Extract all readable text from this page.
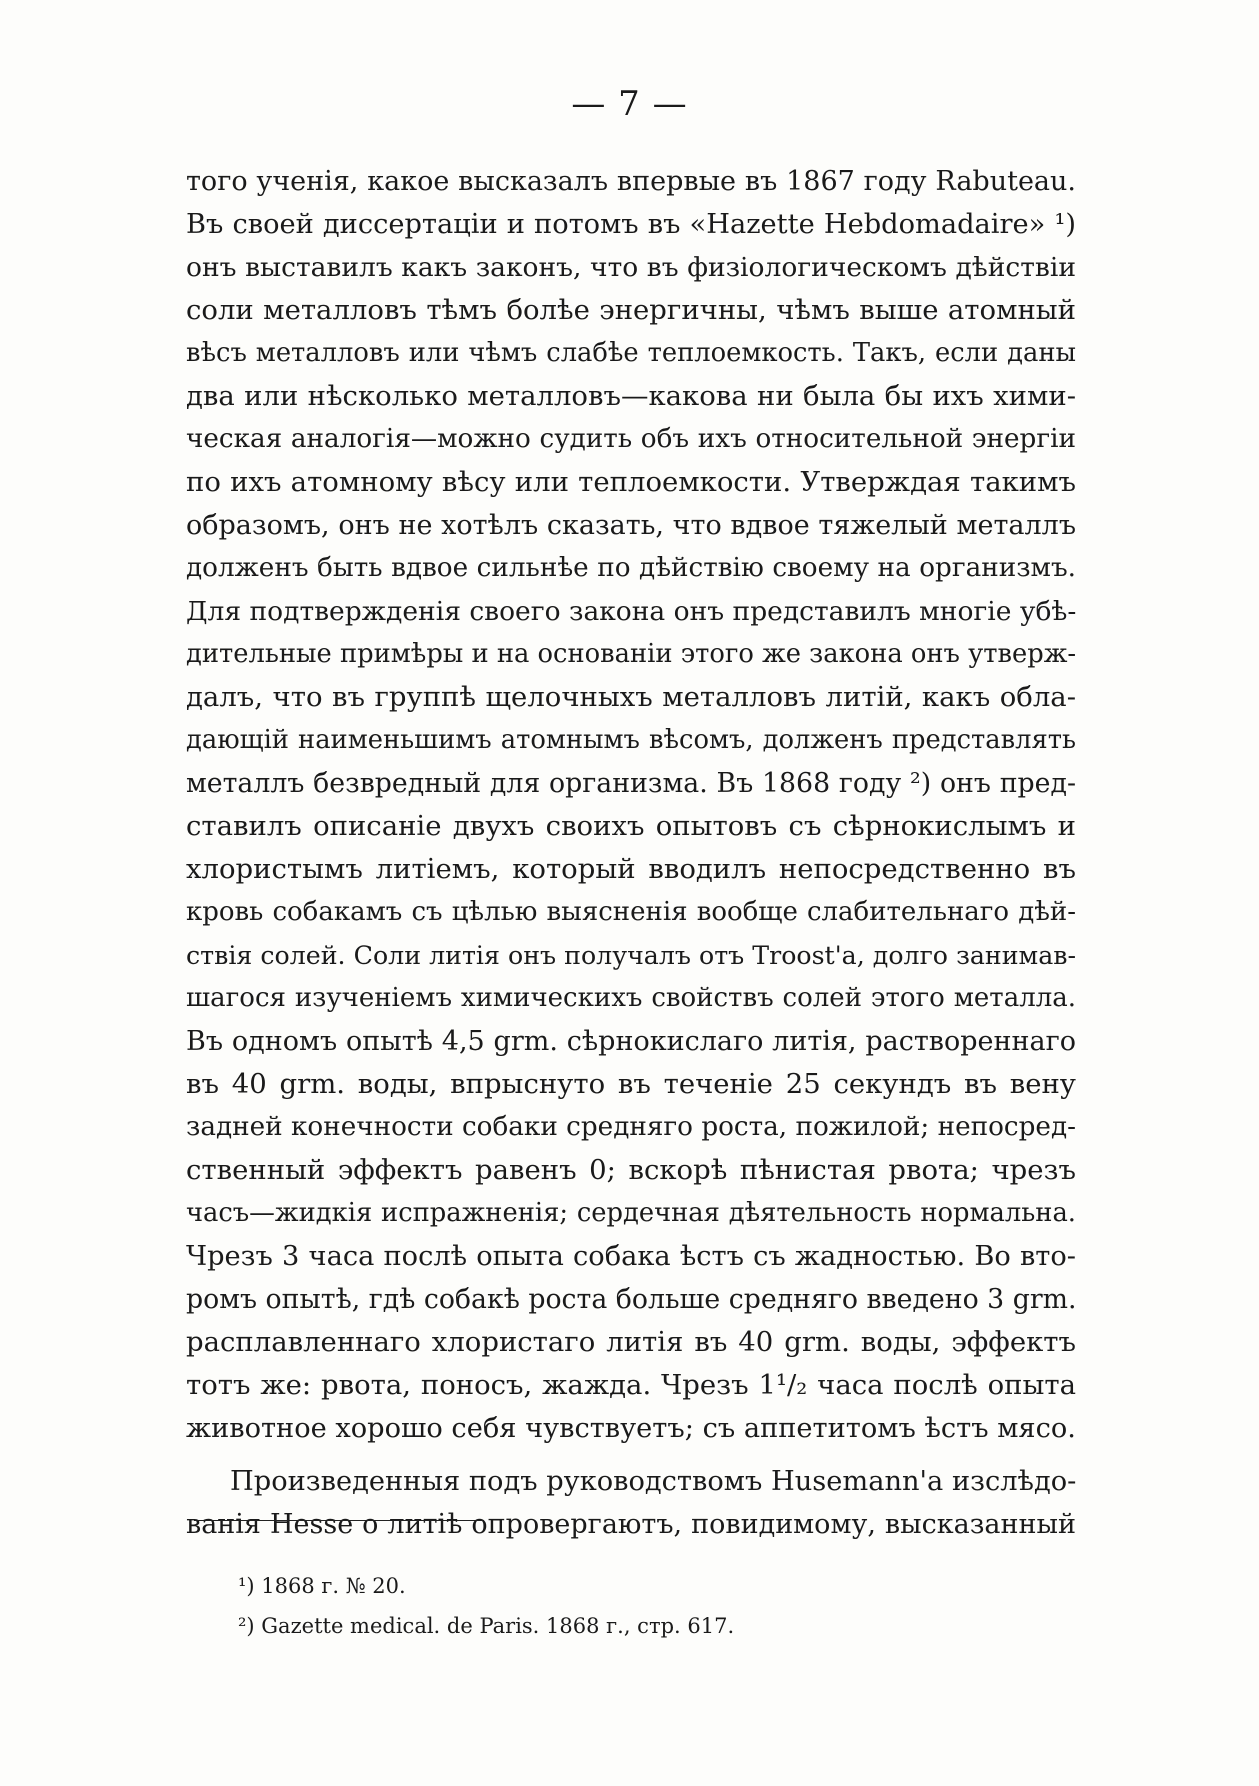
— 7 —
того ученія, какое высказалъ впервые въ 1867 году Rabuteau.
Въ своей диссертаціи и потомъ въ «Hazette Hebdomadaire» ¹)
онъ выставилъ какъ законъ, что въ физіологическомъ дѣйствіи
соли металловъ тѣмъ болѣе энергичны, чѣмъ выше атомный
вѣсъ металловъ или чѣмъ слабѣе теплоемкость. Такъ, если даны
два или нѣсколько металловъ—какова ни была бы ихъ хими-
ческая аналогія—можно судить объ ихъ относительной энергіи
по ихъ атомному вѣсу или теплоемкости. Утверждая такимъ
образомъ, онъ не хотѣлъ сказать, что вдвое тяжелый металлъ
долженъ быть вдвое сильнѣе по дѣйствію своему на организмъ.
Для подтвержденія своего закона онъ представилъ многіе убѣ-
дительные примѣры и на основаніи этого же закона онъ утверж-
далъ, что въ группѣ щелочныхъ металловъ литій, какъ обла-
дающій наименьшимъ атомнымъ вѣсомъ, долженъ представлять
металлъ безвредный для организма. Въ 1868 году ²) онъ пред-
ставилъ описаніе двухъ своихъ опытовъ съ сѣрнокислымъ и
хлористымъ литіемъ, который вводилъ непосредственно въ
кровь собакамъ съ цѣлью выясненія вообще слабительнаго дѣй-
ствія солей. Соли литія онъ получалъ отъ Troost'a, долго занимав-
шагося изученіемъ химическихъ свойствъ солей этого металла.
Въ одномъ опытѣ 4,5 grm. сѣрнокислаго литія, раствореннаго
въ 40 grm. воды, впрыснуто въ теченіе 25 секундъ въ вену
задней конечности собаки средняго роста, пожилой; непосред-
ственный эффектъ равенъ 0; вскорѣ пѣнистая рвота; чрезъ
часъ—жидкія испражненія; сердечная дѣятельность нормальна.
Чрезъ 3 часа послѣ опыта собака ѣстъ съ жадностью. Во вто-
ромъ опытѣ, гдѣ собакѣ роста больше средняго введено 3 grm.
расплавленнаго хлористаго литія въ 40 grm. воды, эффектъ
тотъ же: рвота, поносъ, жажда. Чрезъ 1¹/₂ часа послѣ опыта
животное хорошо себя чувствуетъ; съ аппетитомъ ѣстъ мясо.
Произведенныя подъ руководствомъ Husemann'a изслѣдо-
ванія Hesse о литіѣ опровергаютъ, повидимому, высказанный
¹) 1868 г. № 20.
²) Gazette medical. de Paris. 1868 г., стр. 617.
